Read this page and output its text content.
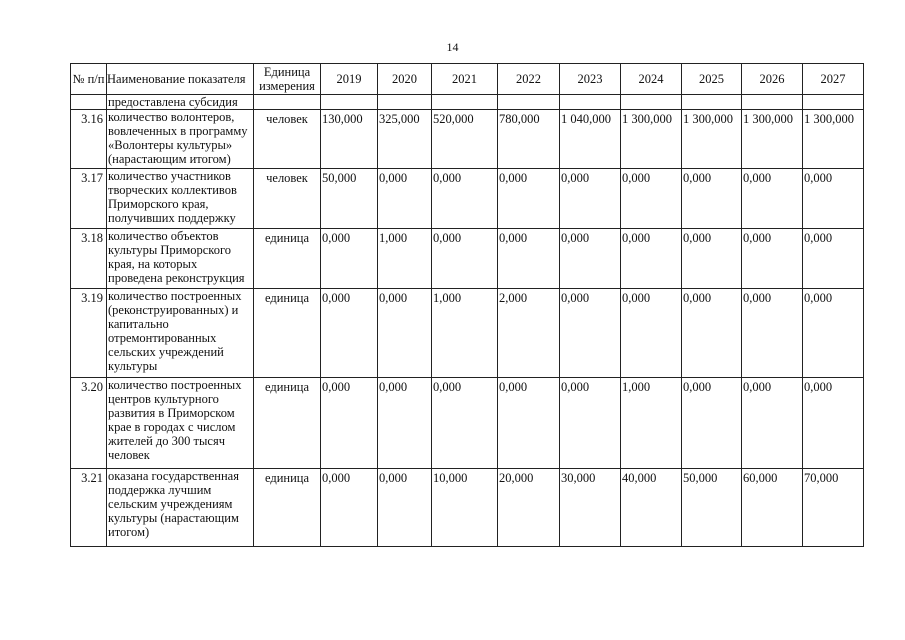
14
№ п/п	Наименование показателя	Единица измерения	2019	2020	2021	2022	2023	2024	2025	2026	2027
	предоставлена субсидия										
3.16	количество волонтеров, вовлеченных в программу «Волонтеры культуры» (нарастающим итогом)	человек	130,000	325,000	520,000	780,000	1 040,000	1 300,000	1 300,000	1 300,000	1 300,000
3.17	количество участников творческих коллективов Приморского края, получивших поддержку	человек	50,000	0,000	0,000	0,000	0,000	0,000	0,000	0,000	0,000
3.18	количество объектов культуры Приморского края, на которых проведена реконструкция	единица	0,000	1,000	0,000	0,000	0,000	0,000	0,000	0,000	0,000
3.19	количество построенных (реконструированных) и капитально отремонтированных сельских учреждений культуры	единица	0,000	0,000	1,000	2,000	0,000	0,000	0,000	0,000	0,000
3.20	количество построенных центров культурного развития в Приморском крае в городах с числом жителей до 300 тысяч человек	единица	0,000	0,000	0,000	0,000	0,000	1,000	0,000	0,000	0,000
3.21	оказана государственная поддержка лучшим сельским учреждениям культуры (нарастающим итогом)	единица	0,000	0,000	10,000	20,000	30,000	40,000	50,000	60,000	70,000
